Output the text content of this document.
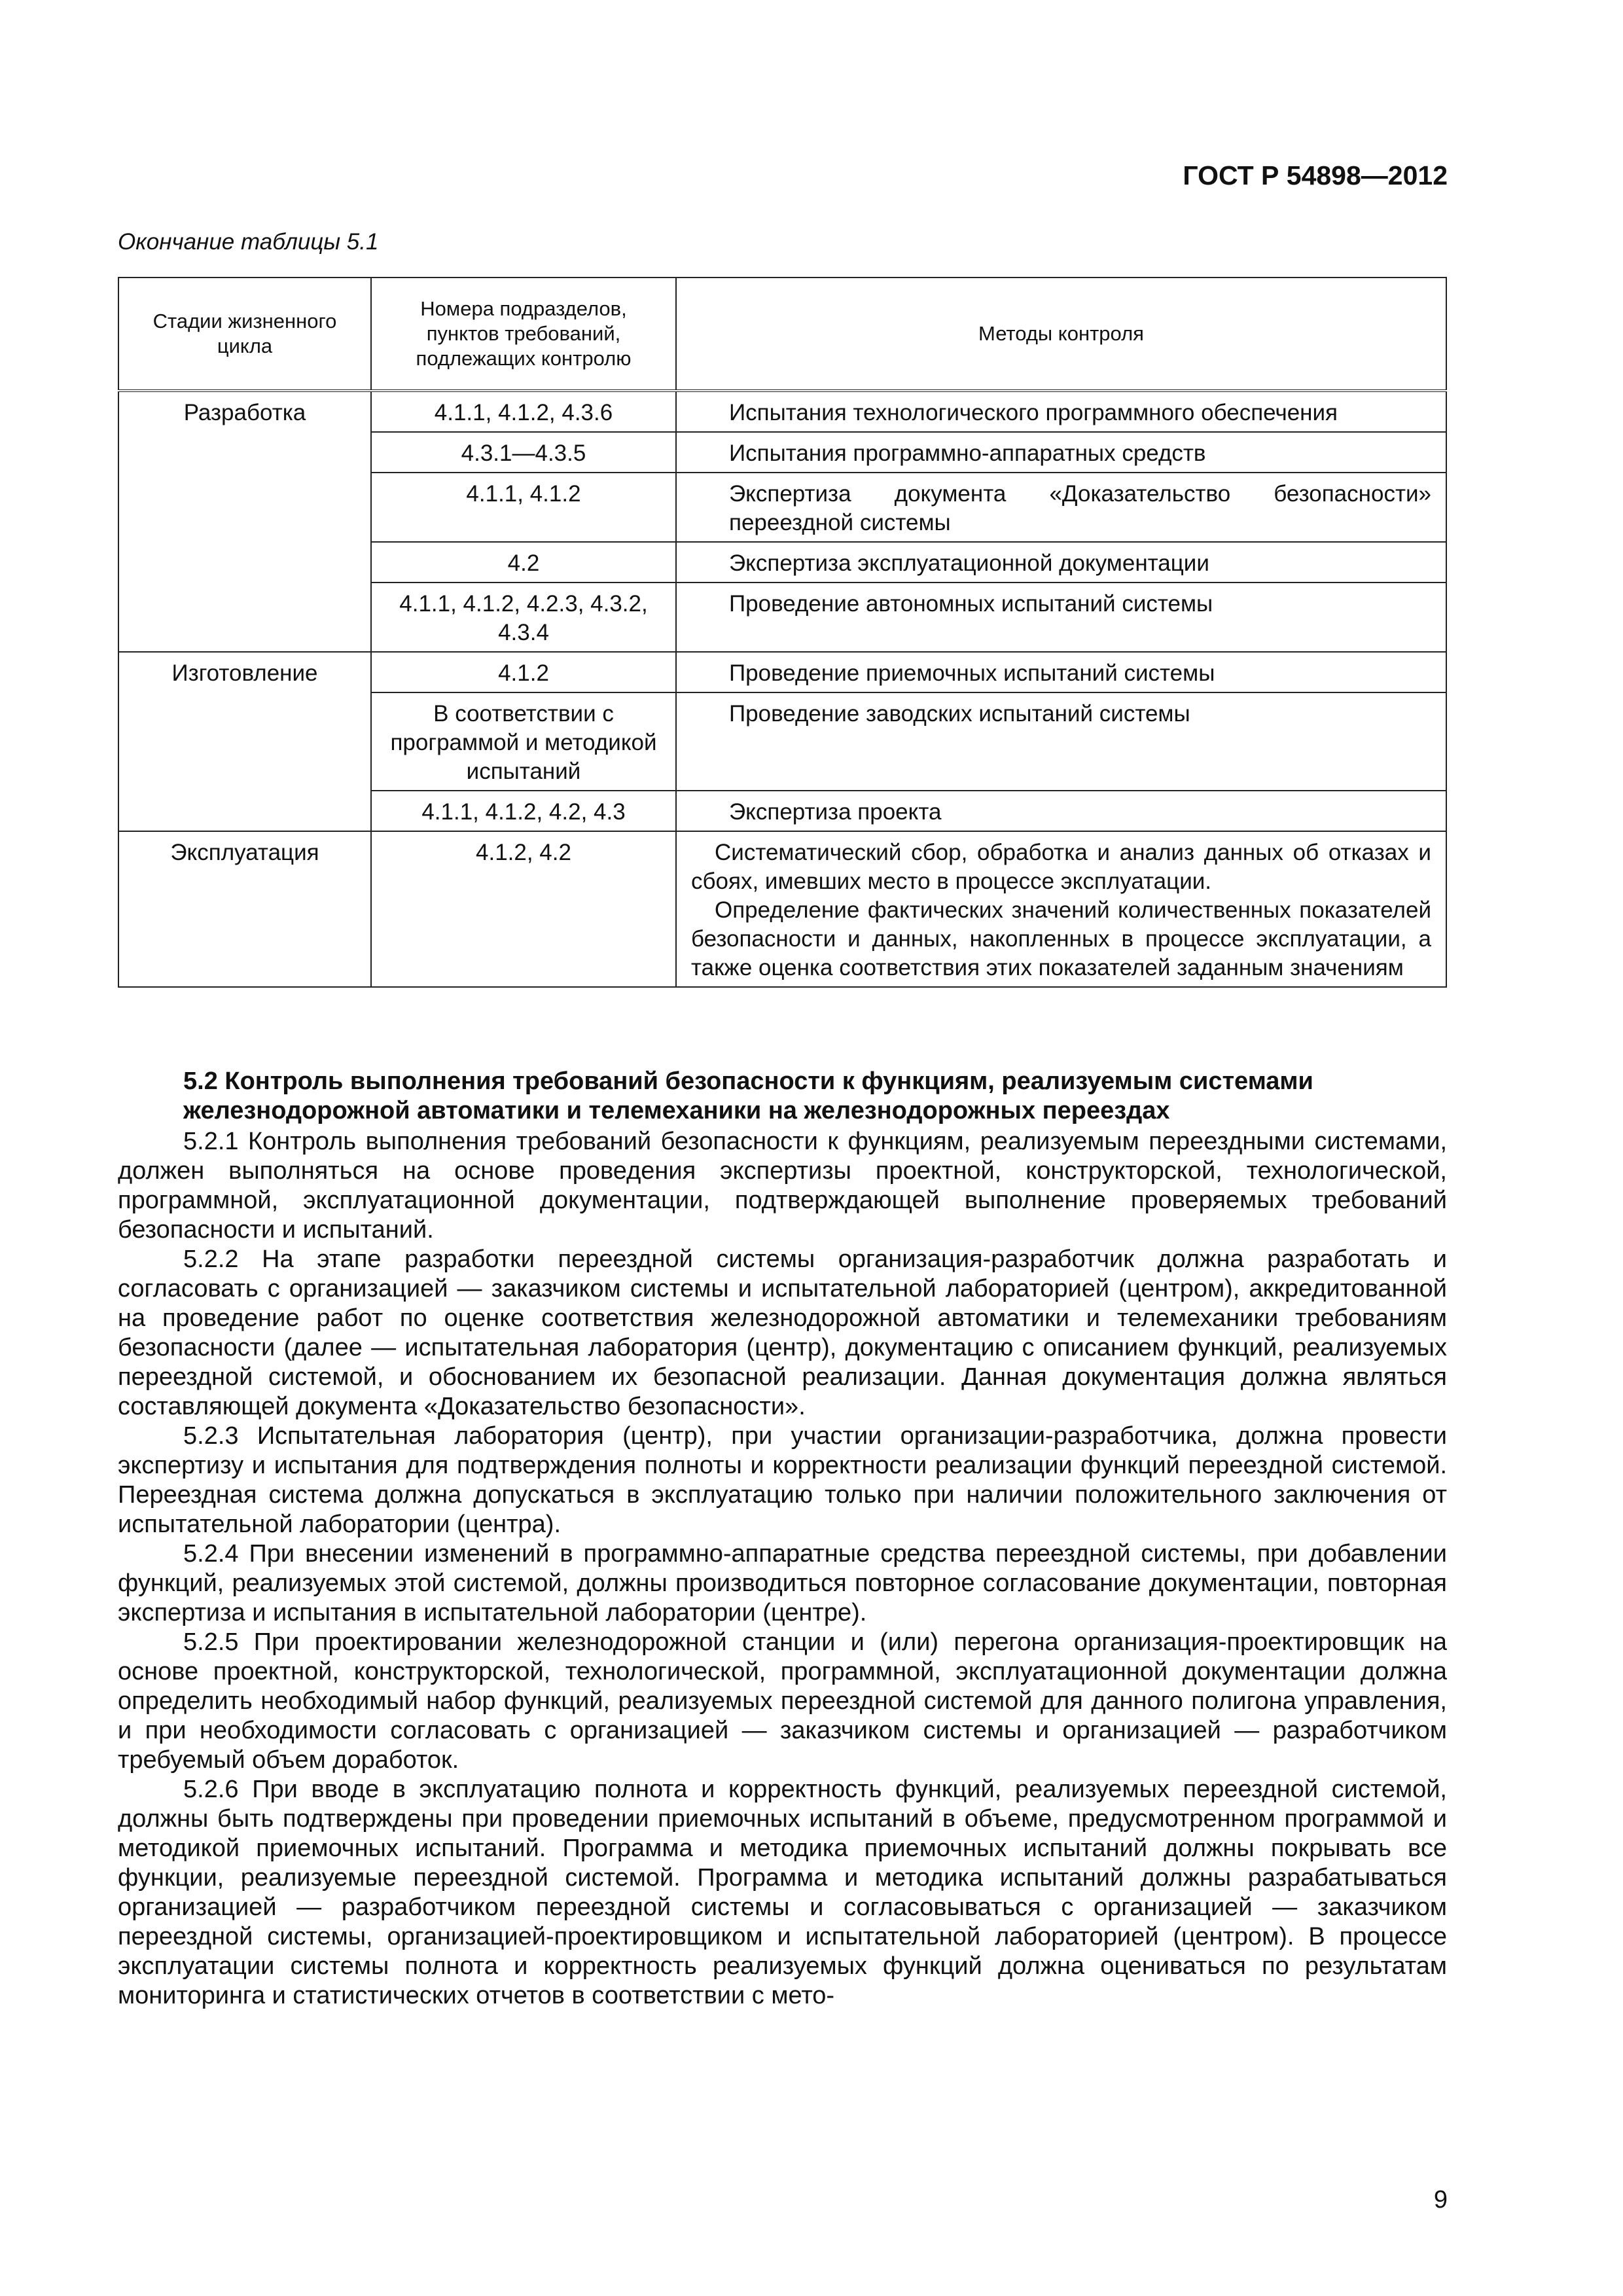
ГОСТ Р 54898—2012
Окончание таблицы 5.1
Стадии жизненного цикла	Номера подразделов, пунктов требований, подлежащих контролю	Методы контроля
Разработка	4.1.1, 4.1.2, 4.3.6	Испытания технологического программного обеспечения
	4.3.1—4.3.5	Испытания программно-аппаратных средств
	4.1.1, 4.1.2	Экспертиза документа «Доказательство безопасности» переездной системы
	4.2	Экспертиза эксплуатационной документации
	4.1.1, 4.1.2, 4.2.3, 4.3.2, 4.3.4	Проведение автономных испытаний системы
Изготовление	4.1.2	Проведение приемочных испытаний системы
	В соответствии с программой и методикой испытаний	Проведение заводских испытаний системы
	4.1.1, 4.1.2, 4.2, 4.3	Экспертиза проекта
Эксплуатация	4.1.2, 4.2	Систематический сбор, обработка и анализ данных об отказах и сбоях, имевших место в процессе эксплуатации.
Определение фактических значений количественных показателей безопасности и данных, накопленных в процессе эксплуатации, а также оценка соответствия этих показателей заданным значениям
5.2 Контроль выполнения требований безопасности к функциям, реализуемым системами железнодорожной автоматики и телемеханики на железнодорожных переездах

5.2.1 Контроль выполнения требований безопасности к функциям, реализуемым переездными системами, должен выполняться на основе проведения экспертизы проектной, конструкторской, технологической, программной, эксплуатационной документации, подтверждающей выполнение проверяемых требований безопасности и испытаний.

5.2.2 На этапе разработки переездной системы организация-разработчик должна разработать и согласовать с организацией — заказчиком системы и испытательной лабораторией (центром), аккредитованной на проведение работ по оценке соответствия железнодорожной автоматики и телемеханики требованиям безопасности (далее — испытательная лаборатория (центр), документацию с описанием функций, реализуемых переездной системой, и обоснованием их безопасной реализации. Данная документация должна являться составляющей документа «Доказательство безопасности».

5.2.3 Испытательная лаборатория (центр), при участии организации-разработчика, должна провести экспертизу и испытания для подтверждения полноты и корректности реализации функций переездной системой. Переездная система должна допускаться в эксплуатацию только при наличии положительного заключения от испытательной лаборатории (центра).

5.2.4 При внесении изменений в программно-аппаратные средства переездной системы, при добавлении функций, реализуемых этой системой, должны производиться повторное согласование документации, повторная экспертиза и испытания в испытательной лаборатории (центре).

5.2.5 При проектировании железнодорожной станции и (или) перегона организация-проектировщик на основе проектной, конструкторской, технологической, программной, эксплуатационной документации должна определить необходимый набор функций, реализуемых переездной системой для данного полигона управления, и при необходимости согласовать с организацией — заказчиком системы и организацией — разработчиком требуемый объем доработок.

5.2.6 При вводе в эксплуатацию полнота и корректность функций, реализуемых переездной системой, должны быть подтверждены при проведении приемочных испытаний в объеме, предусмотренном программой и методикой приемочных испытаний. Программа и методика приемочных испытаний должны покрывать все функции, реализуемые переездной системой. Программа и методика испытаний должны разрабатываться организацией — разработчиком переездной системы и согласовываться с организацией — заказчиком переездной системы, организацией-проектировщиком и испытательной лабораторией (центром). В процессе эксплуатации системы полнота и корректность реализуемых функций должна оцениваться по результатам мониторинга и статистических отчетов в соответствии с мето-

9
